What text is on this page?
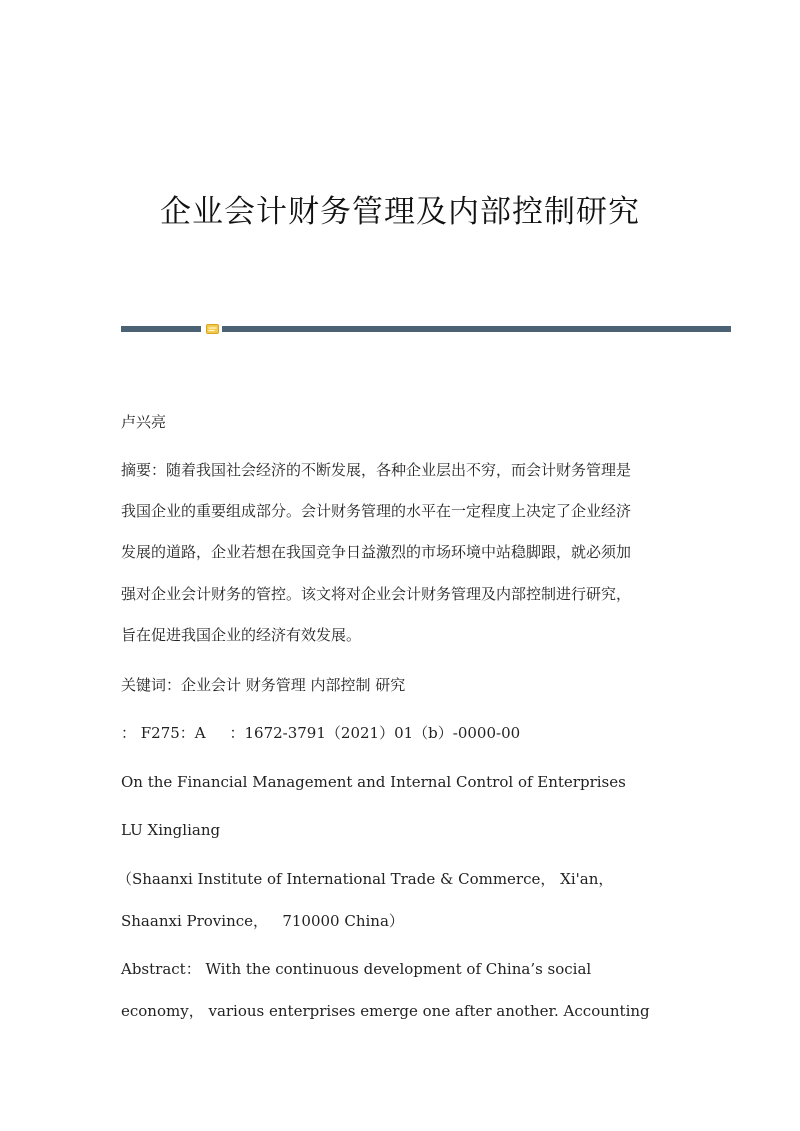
企业会计财务管理及内部控制研究
卢兴亮
摘要：随着我国社会经济的不断发展，各种企业层出不穷，而会计财务管理是
我国企业的重要组成部分。会计财务管理的水平在一定程度上决定了企业经济
发展的道路，企业若想在我国竞争日益激烈的市场环境中站稳脚跟，就必须加
强对企业会计财务的管控。该文将对企业会计财务管理及内部控制进行研究，
旨在促进我国企业的经济有效发展。
关键词：企业会计 财务管理 内部控制 研究
： F275：A     ：1672-3791（2021）01（b）-0000-00
On the Financial Management and Internal Control of Enterprises
LU Xingliang
（Shaanxi Institute of International Trade & Commerce， Xi'an，
Shaanxi Province，   710000 China）
Abstract： With the continuous development of China’s social
economy， various enterprises emerge one after another. Accounting
